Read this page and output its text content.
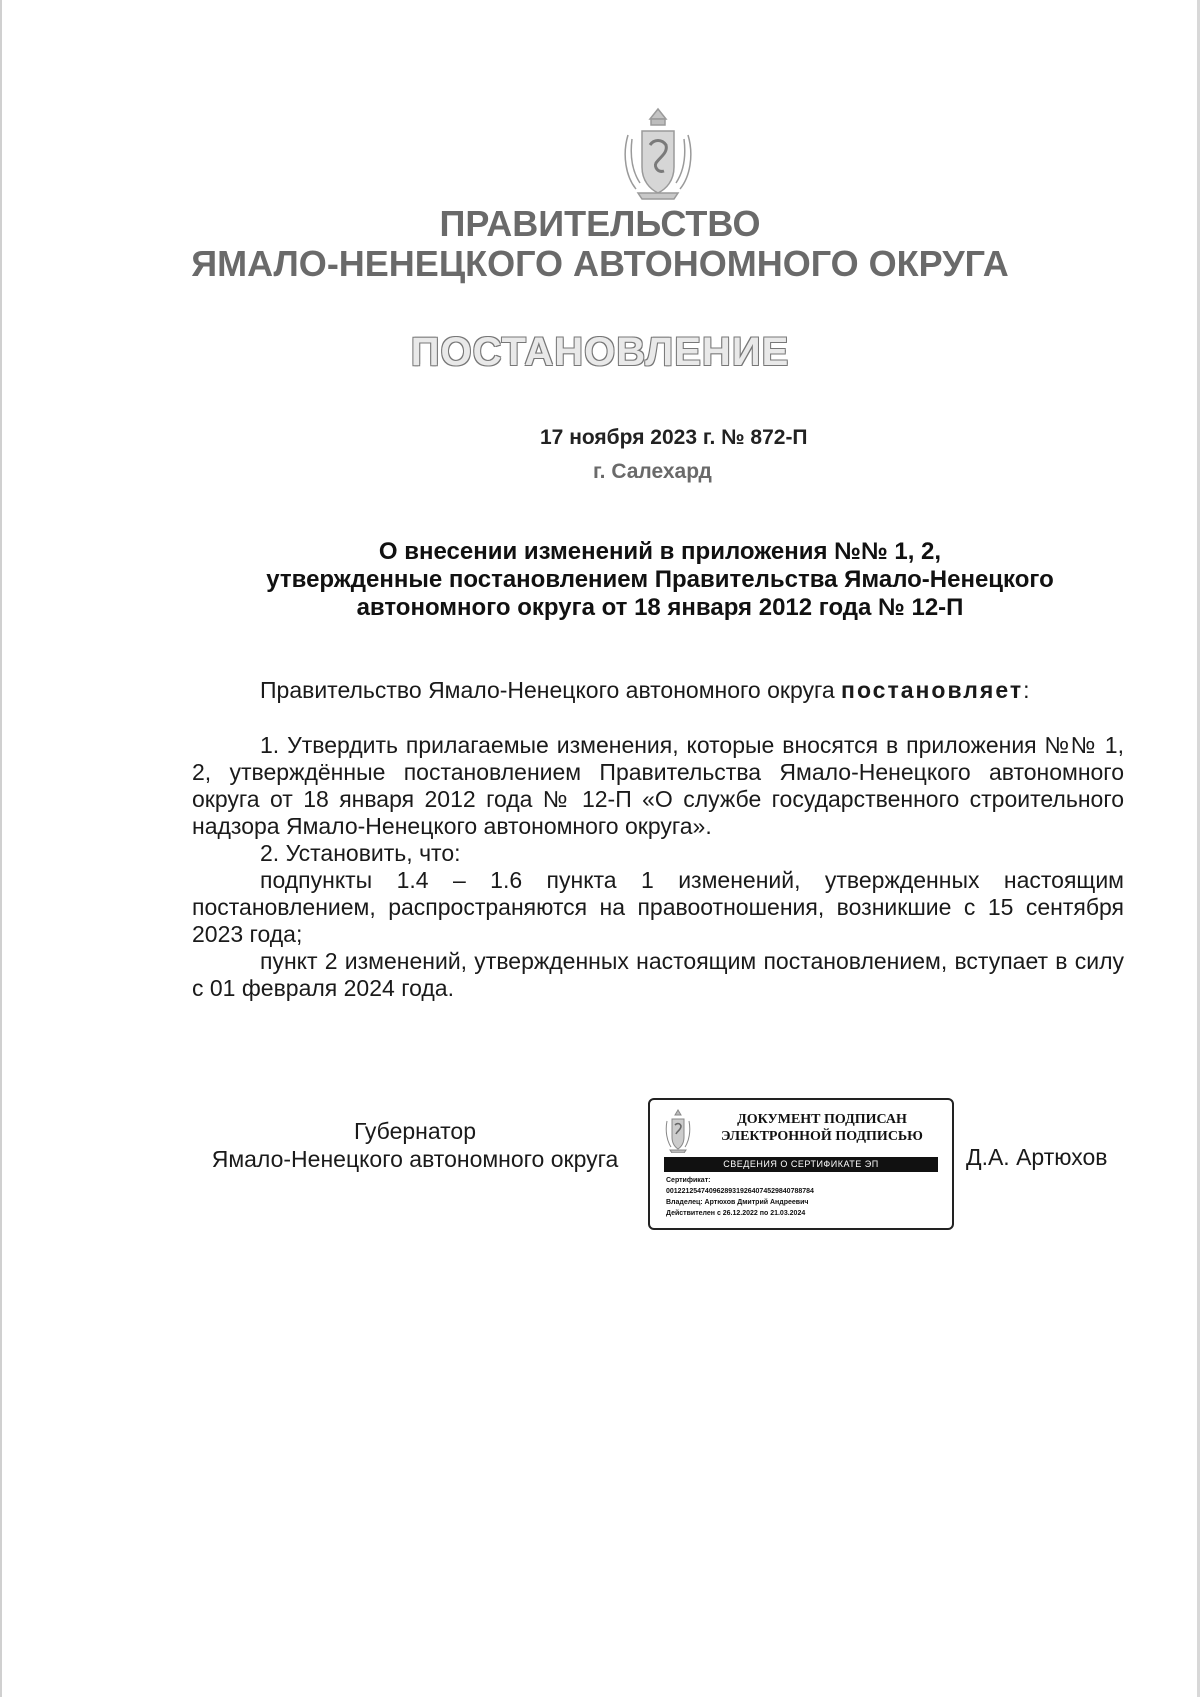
ПРАВИТЕЛЬСТВО
ЯМАЛО-НЕНЕЦКОГО АВТОНОМНОГО ОКРУГА
ПОСТАНОВЛЕНИЕ
17 ноября 2023 г. № 872-П
г. Салехард
О внесении изменений в приложения №№ 1, 2,
утвержденные постановлением Правительства Ямало-Ненецкого
автономного округа от 18 января 2012 года № 12-П
Правительство Ямало-Ненецкого автономного округа постановляет:

1. Утвердить прилагаемые изменения, которые вносятся в приложения №№ 1, 2, утверждённые постановлением Правительства Ямало-Ненецкого автономного округа от 18 января 2012 года № 12-П «О службе государственного строительного надзора Ямало-Ненецкого автономного округа».

2. Установить, что:

подпункты 1.4 – 1.6 пункта 1 изменений, утвержденных настоящим постановлением, распространяются на правоотношения, возникшие с 15 сентября 2023 года;

пункт 2 изменений, утвержденных настоящим постановлением, вступает в силу с 01 февраля 2024 года.

Губернатор
Ямало-Ненецкого автономного округа
ДОКУМЕНТ ПОДПИСАН
ЭЛЕКТРОННОЙ ПОДПИСЬЮ
СВЕДЕНИЯ О СЕРТИФИКАТЕ ЭП
Сертификат:
00122125474096289319264074529840788784
Владелец: Артюхов Дмитрий Андреевич
Действителен с 26.12.2022 по 21.03.2024
Д.А. Артюхов
